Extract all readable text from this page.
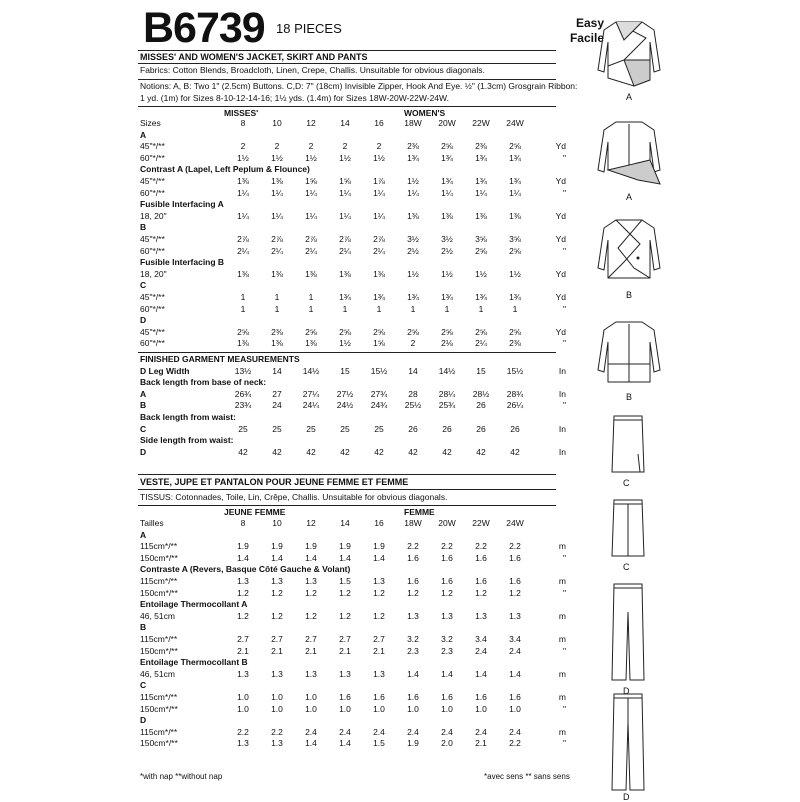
B6739 18 PIECES	Easy
Facile
MISSES' AND WOMEN'S JACKET, SKIRT AND PANTS
Fabrics: Cotton Blends, Broadcloth, Linen, Crepe, Challis. Unsuitable for obvious diagonals.
Notions: A, B: Two 1" (2.5cm) Buttons. C,D: 7" (18cm) Invisible Zipper, Hook And Eye. ½" (1.3cm) Grosgrain Ribbon:
1 yd. (1m) for Sizes 8-10-12-14-16; 1½ yds. (1.4m) for Sizes 18W-20W-22W-24W.
MISSES'	WOMEN'S
Sizes	8	10	12	14	16	18W	20W	22W	24W	
A										
45"*/**	2	2	2	2	2	2⅜	2⅝	2⅜	2⅝	Yd
60"*/**	1½	1½	1½	1½	1½	1¾	1¾	1¾	1¾	"
Contrast A (Lapel, Left Peplum & Flounce)										
45"*/**	1⅜	1⅜	1⅝	1⅝	1⅞	1½	1¾	1¾	1¾	Yd
60"*/**	1¼	1¼	1¼	1¼	1¼	1¼	1¼	1¼	1¼	"
Fusible Interfacing A										
18, 20"	1¼	1¼	1¼	1¼	1¼	1⅜	1⅜	1⅜	1⅜	Yd
B										
45"*/**	2⅞	2⅞	2⅞	2⅞	2⅞	3½	3½	3⅝	3⅝	Yd
60"*/**	2¼	2¼	2¼	2¼	2¼	2½	2½	2⅝	2⅝	"
Fusible Interfacing B										
18, 20"	1⅜	1⅜	1⅜	1⅜	1⅜	1½	1½	1½	1½	Yd
C										
45"*/**	1	1	1	1¾	1¾	1¾	1¾	1¾	1¾	Yd
60"*/**	1	1	1	1	1	1	1	1	1	"
D										
45"*/**	2⅝	2⅜	2⅝	2⅝	2⅝	2⅝	2⅝	2⅝	2⅝	Yd
60"*/**	1⅜	1⅜	1⅜	1½	1⅝	2	2⅛	2¼	2⅜	"
FINISHED GARMENT MEASUREMENTS										
D Leg Width	13½	14	14½	15	15½	14	14½	15	15½	In
Back length from base of neck:										
A	26¾	27	27¼	27½	27¾	28	28¼	28½	28¾	In
B	23¾	24	24¼	24½	24¾	25½	25¾	26	26¼	"
Back length from waist:										
C	25	25	25	25	25	26	26	26	26	In
Side length from waist:										
D	42	42	42	42	42	42	42	42	42	In
VESTE, JUPE ET PANTALON POUR JEUNE FEMME ET FEMME
TISSUS: Cotonnades, Toile, Lin, Crêpe, Challis. Unsuitable for obvious diagonals.
JEUNE FEMME	FEMME
Tailles	8	10	12	14	16	18W	20W	22W	24W	
A										
115cm*/**	1.9	1.9	1.9	1.9	1.9	2.2	2.2	2.2	2.2	m
150cm*/**	1.4	1.4	1.4	1.4	1.4	1.6	1.6	1.6	1.6	"
Contraste A (Revers, Basque Côté Gauche & Volant)										
115cm*/**	1.3	1.3	1.3	1.5	1.3	1.6	1.6	1.6	1.6	m
150cm*/**	1.2	1.2	1.2	1.2	1.2	1.2	1.2	1.2	1.2	"
Entoilage Thermocollant A										
46, 51cm	1.2	1.2	1.2	1.2	1.2	1.3	1.3	1.3	1.3	m
B										
115cm*/**	2.7	2.7	2.7	2.7	2.7	3.2	3.2	3.4	3.4	m
150cm*/**	2.1	2.1	2.1	2.1	2.1	2.3	2.3	2.4	2.4	"
Entoilage Thermocollant B										
46, 51cm	1.3	1.3	1.3	1.3	1.3	1.4	1.4	1.4	1.4	m
C										
115cm*/**	1.0	1.0	1.0	1.6	1.6	1.6	1.6	1.6	1.6	m
150cm*/**	1.0	1.0	1.0	1.0	1.0	1.0	1.0	1.0	1.0	"
D										
115cm*/**	2.2	2.2	2.4	2.4	2.4	2.4	2.4	2.4	2.4	m
150cm*/**	1.3	1.3	1.4	1.4	1.5	1.9	2.0	2.1	2.2	"
*with nap **without nap	*avec sens ** sans sens
A
A
B
B
C
C
D
D
